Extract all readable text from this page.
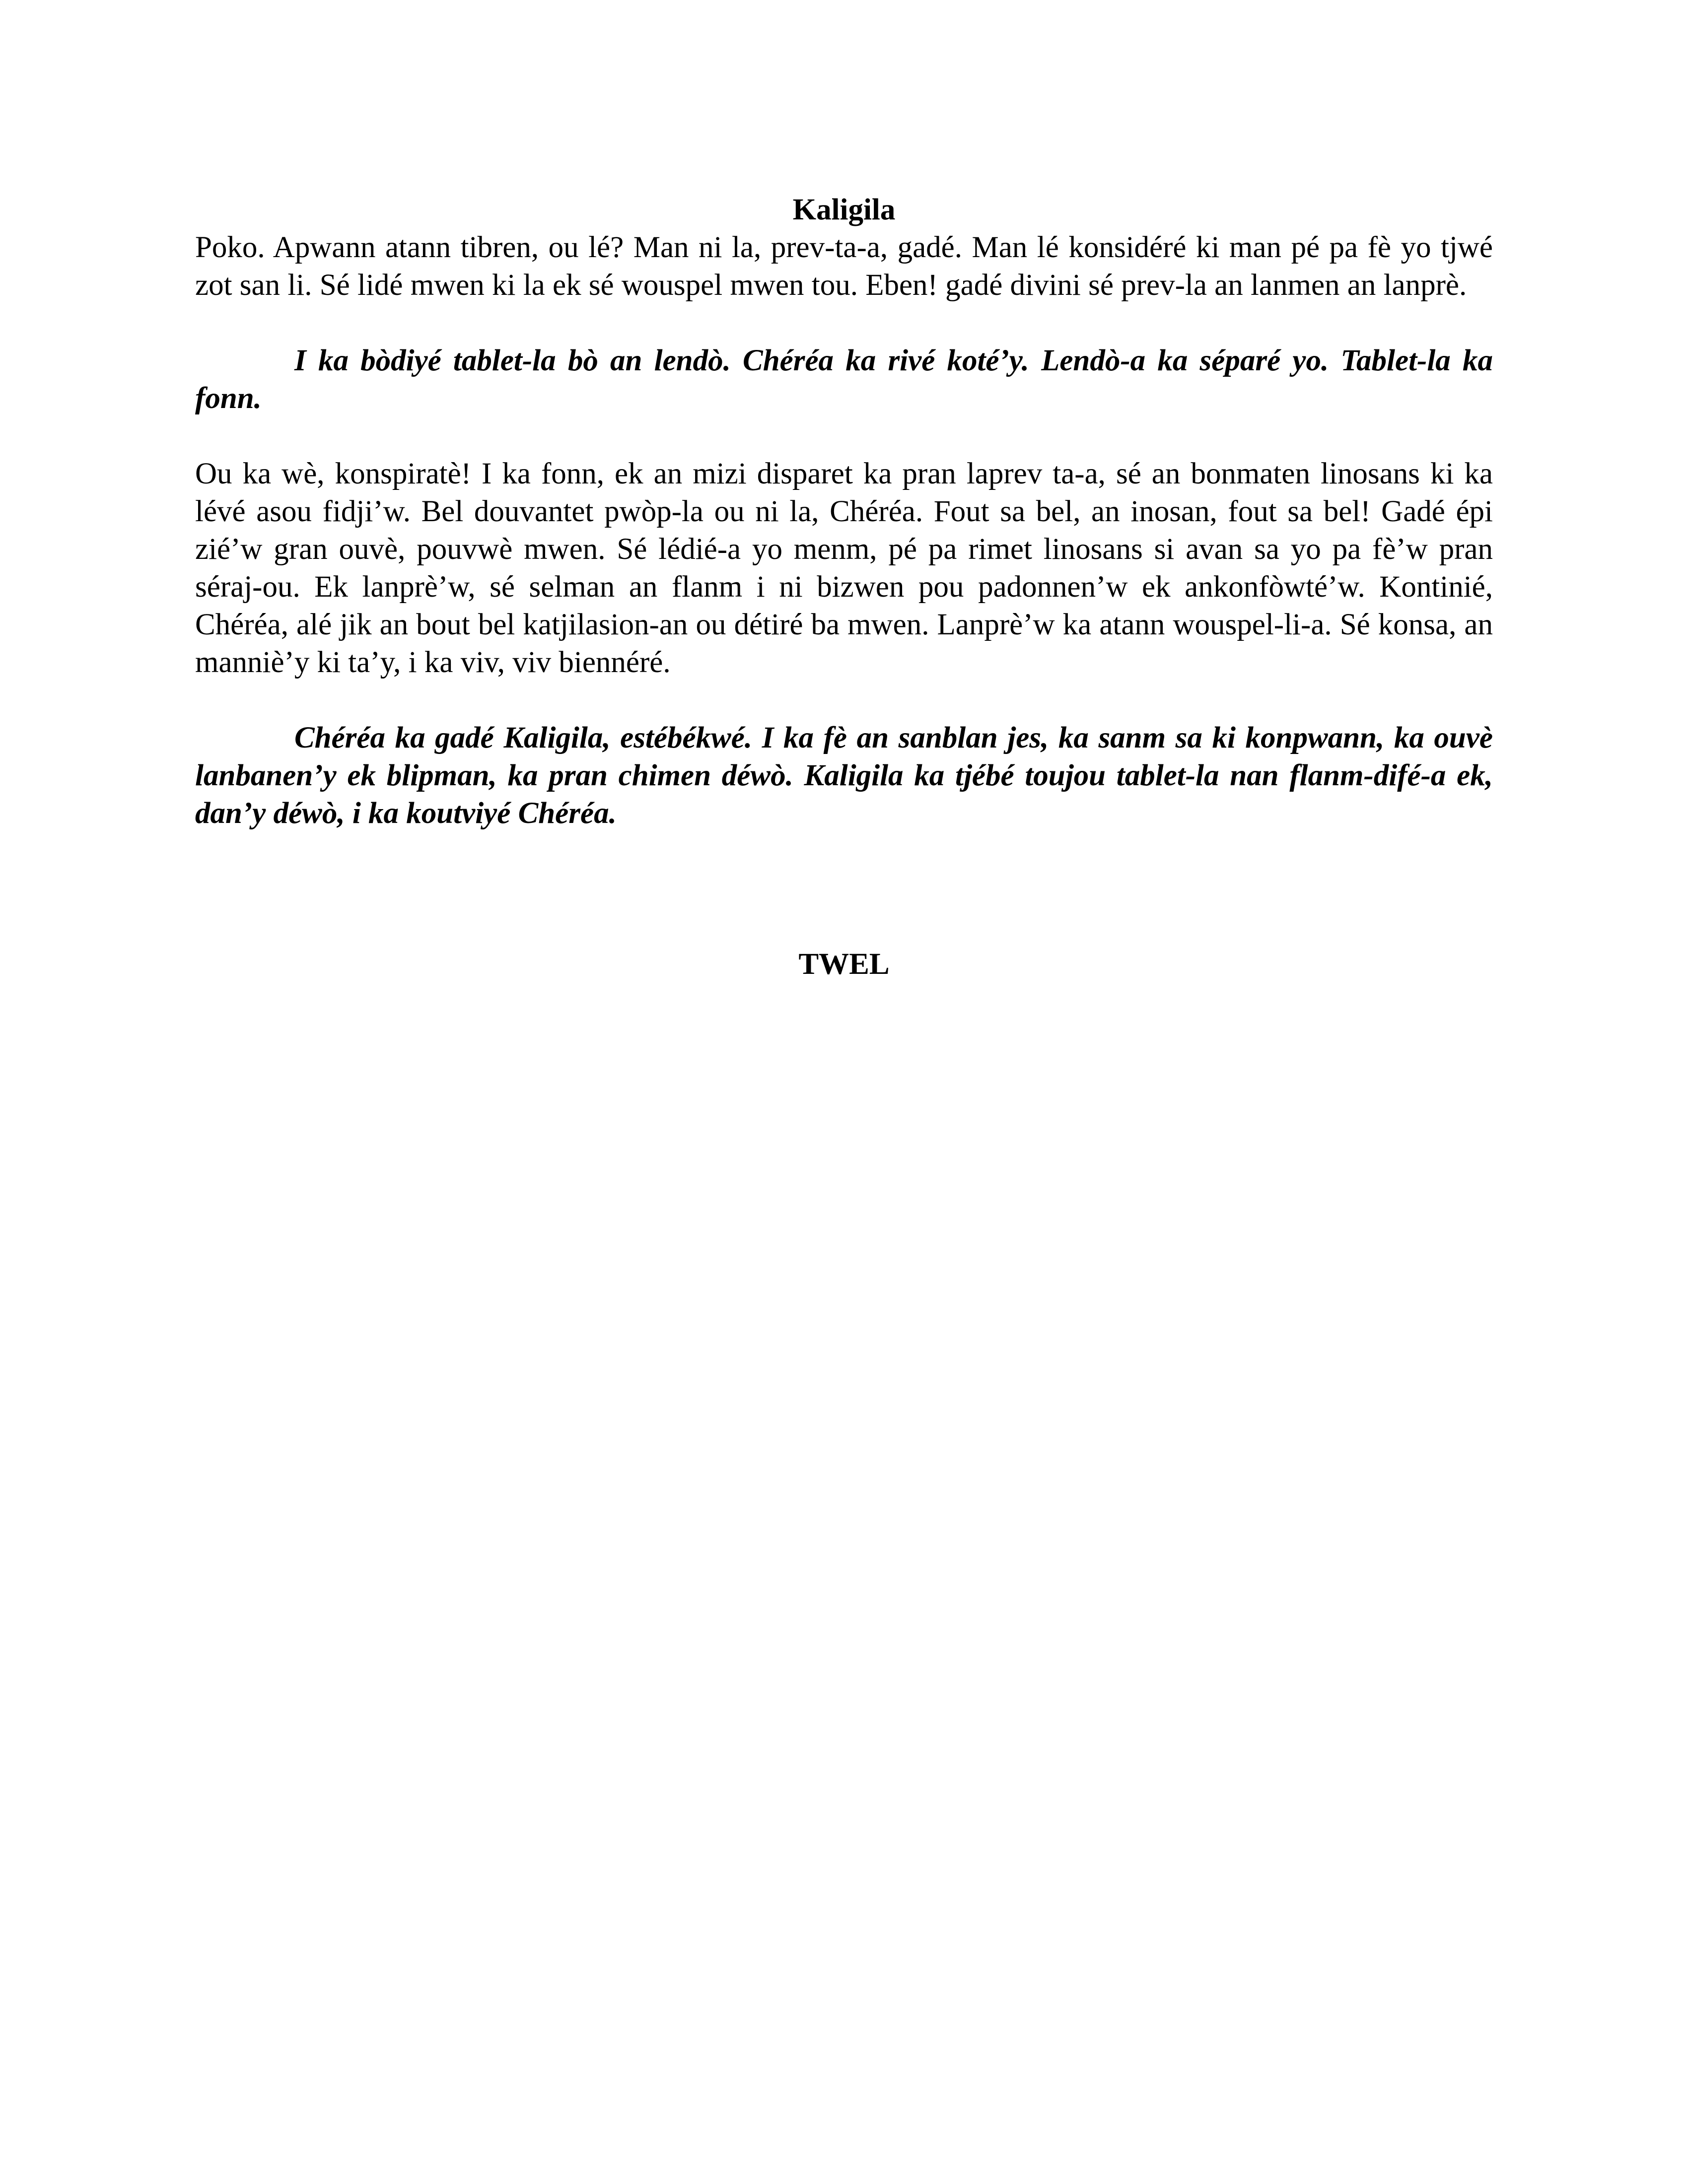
Kaligila

Poko. Apwann atann tibren, ou lé? Man ni la, prev-ta-a, gadé. Man lé konsidéré ki man pé pa fè yo tjwé zot san li. Sé lidé mwen ki la ek sé wouspel mwen tou. Eben! gadé divini sé prev-la an lanmen an lanprè.

I ka bòdiyé tablet-la bò an lendò. Chéréa ka rivé koté’y. Lendò-a ka séparé yo. Tablet-la ka fonn.

Ou ka wè, konspiratè! I ka fonn, ek an mizi disparet ka pran laprev ta-a, sé an bonmaten linosans ki ka lévé asou fidji’w. Bel douvantet pwòp-la ou ni la, Chéréa. Fout sa bel, an inosan, fout sa bel! Gadé épi zié’w gran ouvè, pouvwè mwen. Sé lédié-a yo menm, pé pa rimet linosans si avan sa yo pa fè’w pran séraj-ou. Ek lanprè’w, sé selman an flanm i ni bizwen pou padonnen’w ek ankonfòwté’w. Kontinié, Chéréa, alé jik an bout bel katjilasion-an ou détiré ba mwen. Lanprè’w ka atann wouspel-li-a. Sé konsa, an manniè’y ki ta’y, i ka viv, viv biennéré.

Chéréa ka gadé Kaligila, estébékwé. I ka fè an sanblan jes, ka sanm sa ki konpwann, ka ouvè lanbanen’y ek blipman, ka pran chimen déwò. Kaligila ka tjébé toujou tablet-la nan flanm-difé-a ek, dan’y déwò, i ka koutviyé Chéréa.

TWEL
